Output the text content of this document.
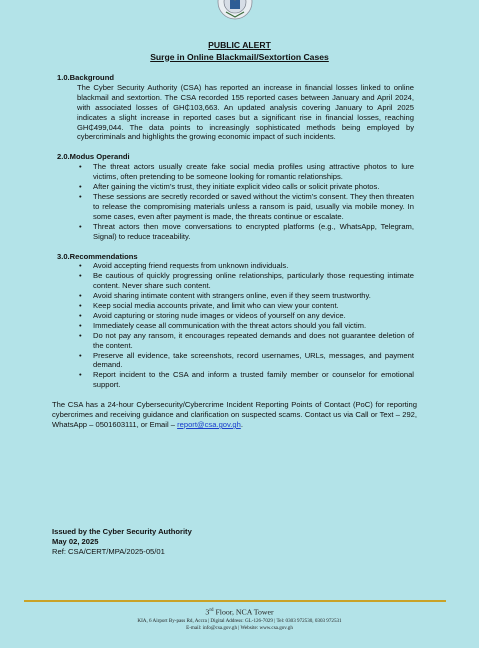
PUBLIC ALERT
Surge in Online Blackmail/Sextortion Cases

1.0.Background

The Cyber Security Authority (CSA) has reported an increase in financial losses linked to online blackmail and sextortion. The CSA recorded 155 reported cases between January and April 2024, with associated losses of GH₵103,663. An updated analysis covering January to April 2025 indicates a slight increase in reported cases but a significant rise in financial losses, reaching GH₵499,044. The data points to increasingly sophisticated methods being employed by cybercriminals and highlights the growing economic impact of such incidents.

2.0.Modus Operandi

• The threat actors usually create fake social media profiles using attractive photos to lure victims, often pretending to be someone looking for romantic relationships.
• After gaining the victim’s trust, they initiate explicit video calls or solicit private photos.
• These sessions are secretly recorded or saved without the victim’s consent. They then threaten to release the compromising materials unless a ransom is paid, usually via mobile money. In some cases, even after payment is made, the threats continue or escalate.
• Threat actors then move conversations to encrypted platforms (e.g., WhatsApp, Telegram, Signal) to reduce traceability.

3.0.Recommendations

• Avoid accepting friend requests from unknown individuals.
• Be cautious of quickly progressing online relationships, particularly those requesting intimate content. Never share such content.
• Avoid sharing intimate content with strangers online, even if they seem trustworthy.
• Keep social media accounts private, and limit who can view your content.
• Avoid capturing or storing nude images or videos of yourself on any device.
• Immediately cease all communication with the threat actors should you fall victim.
• Do not pay any ransom, it encourages repeated demands and does not guarantee deletion of the content.
• Preserve all evidence, take screenshots, record usernames, URLs, messages, and payment demand.
• Report incident to the CSA and inform a trusted family member or counselor for emotional support.

The CSA has a 24-hour Cybersecurity/Cybercrime Incident Reporting Points of Contact (PoC) for reporting cybercrimes and receiving guidance and clarification on suspected scams. Contact us via Call or Text – 292, WhatsApp – 0501603111, or Email – report@csa.gov.gh.

Issued by the Cyber Security Authority
May 02, 2025
Ref: CSA/CERT/MPA/2025-05/01
3rd Floor, NCA Tower
KIA, 6 Airport By-pass Rd, Accra | Digital Address: GL-126-7029 | Tel: 0303 972530, 0303 972531
E-mail: info@csa.gov.gh | Website: www.csa.gov.gh
